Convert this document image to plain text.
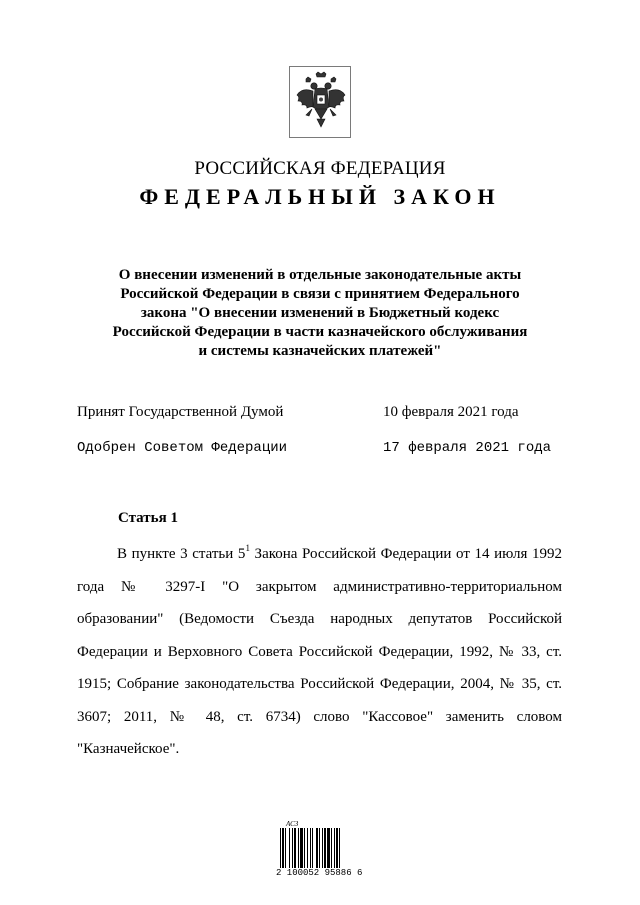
РОССИЙСКАЯ ФЕДЕРАЦИЯ
ФЕДЕРАЛЬНЫЙ ЗАКОН
О внесении изменений в отдельные законодательные акты
Российской Федерации в связи с принятием Федерального
закона "О внесении изменений в Бюджетный кодекс
Российской Федерации в части казначейского обслуживания
и системы казначейских платежей"
Принят Государственной Думой	10 февраля 2021 года
Одобрен Советом Федерации	17 февраля 2021 года
Статья 1

В пункте 3 статьи $5^1$ Закона Российской Федерации от 14 июля 1992 года № 3297-I "О закрытом административно-территориальном образовании" (Ведомости Съезда народных депутатов Российской Федерации и Верховного Совета Российской Федерации, 1992, № 33, ст. 1915; Собрание законодательства Российской Федерации, 2004, № 35, ст. 3607; 2011, № 48, ст. 6734) слово "Кассовое" заменить словом "Казначейское".

АСЗ
2 100052 95886 6
